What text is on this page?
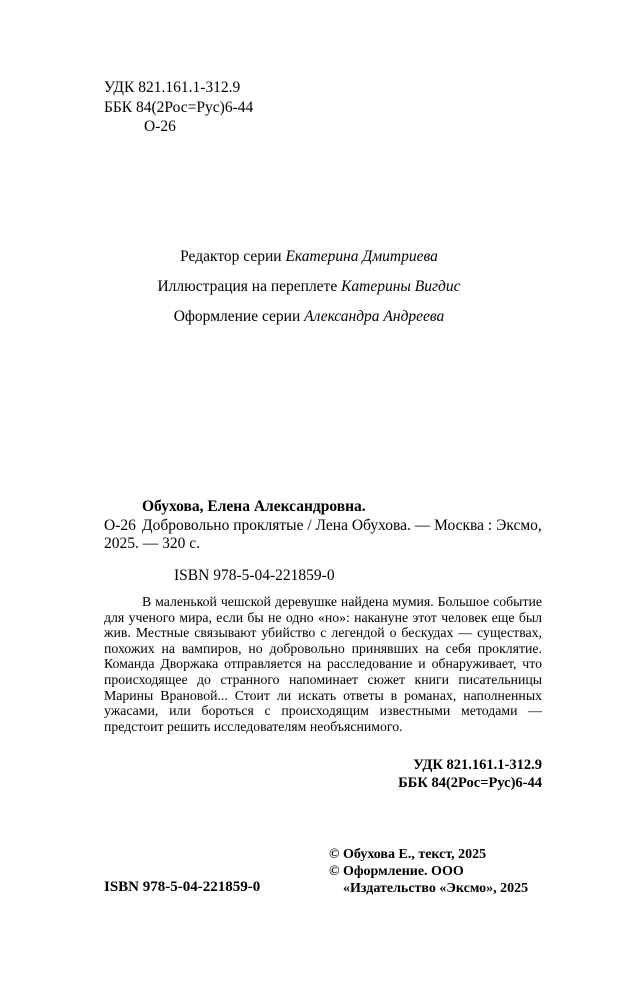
УДК 821.161.1-312.9
ББК 84(2Рос=Рус)6-44
О-26
Редактор серии Екатерина Дмитриева
Иллюстрация на переплете Катерины Вигдис
Оформление серии Александра Андреева

Обухова, Елена Александровна.

О-26 Добровольно проклятые / Лена Обухова. — Москва : Эксмо, 2025. — 320 с.

ISBN 978-5-04-221859-0

В маленькой чешской деревушке найдена мумия. Большое событие для ученого мира, если бы не одно «но»: накануне этот человек еще был жив. Местные связывают убийство с легендой о бескудах — существах, похожих на вампиров, но добровольно принявших на себя проклятие. Команда Дворжака отправляется на расследование и обнаруживает, что происходящее до странного напоминает сюжет книги писательницы Марины Врановой... Стоит ли искать ответы в романах, наполненных ужасами, или бороться с происходящим известными методами — предстоит решить исследователям необъяснимого.

УДК 821.161.1-312.9
ББК 84(2Рос=Рус)6-44
© Обухова Е., текст, 2025
© Оформление. ООО «Издательство «Эксмо», 2025
ISBN 978-5-04-221859-0
